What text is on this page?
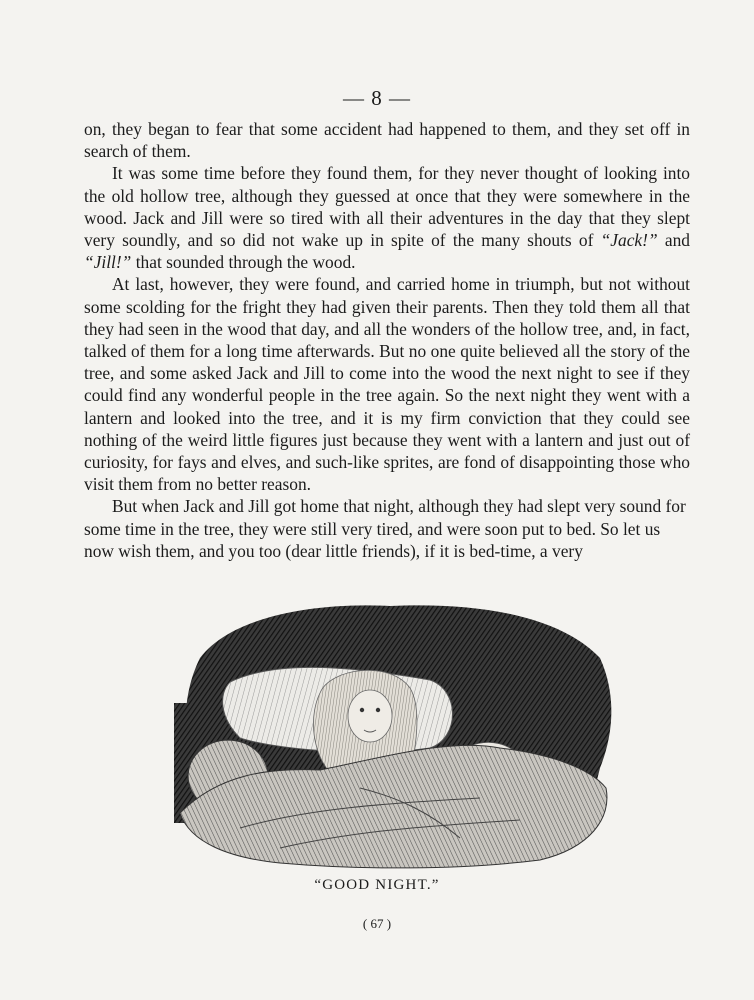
— 8 —

on, they began to fear that some accident had happened to them, and they set off in search of them.

It was some time before they found them, for they never thought of looking into the old hollow tree, although they guessed at once that they were somewhere in the wood. Jack and Jill were so tired with all their adventures in the day that they slept very soundly, and so did not wake up in spite of the many shouts of “Jack!” and “Jill!” that sounded through the wood.

At last, however, they were found, and carried home in triumph, but not without some scolding for the fright they had given their parents. Then they told them all that they had seen in the wood that day, and all the wonders of the hollow tree, and, in fact, talked of them for a long time afterwards. But no one quite believed all the story of the tree, and some asked Jack and Jill to come into the wood the next night to see if they could find any wonderful people in the tree again. So the next night they went with a lantern and looked into the tree, and it is my firm conviction that they could see nothing of the weird little figures just because they went with a lantern and just out of curiosity, for fays and elves, and such-like sprites, are fond of disappointing those who visit them from no better reason.

But when Jack and Jill got home that night, although they had slept very sound for some time in the tree, they were still very tired, and were soon put to bed. So let us now wish them, and you too (dear little friends), if it is bed-time, a very

“GOOD NIGHT.”
( 67 )
